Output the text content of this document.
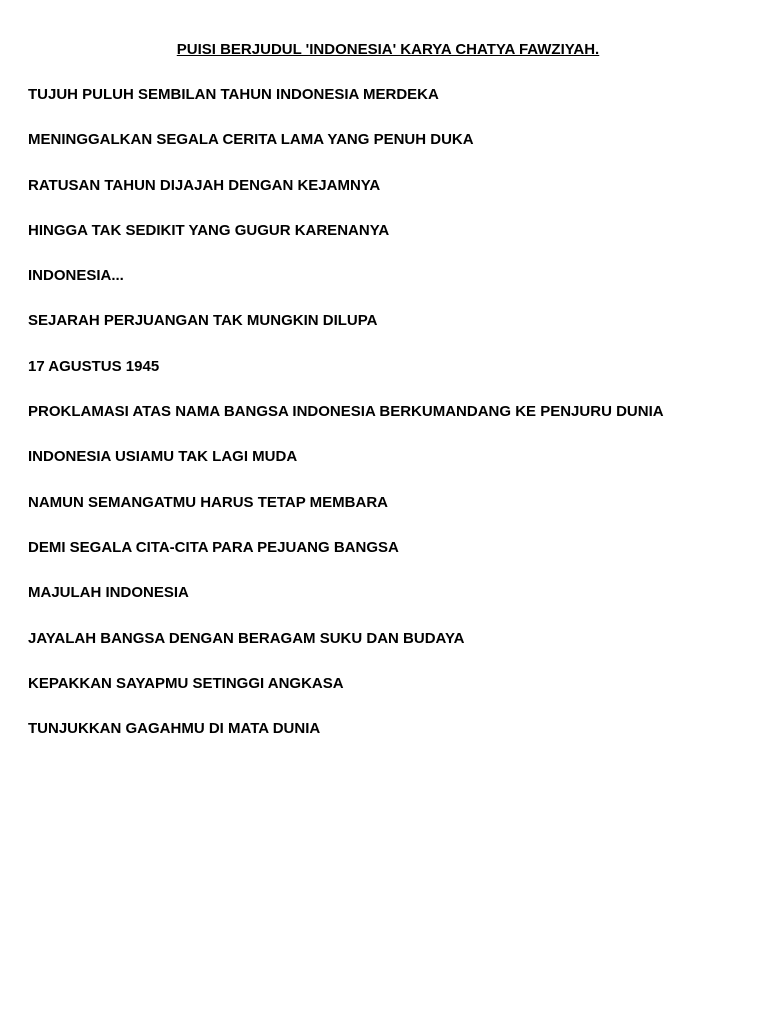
PUISI BERJUDUL 'INDONESIA' KARYA CHATYA FAWZIYAH.
TUJUH PULUH SEMBILAN TAHUN INDONESIA MERDEKA
MENINGGALKAN SEGALA CERITA LAMA YANG PENUH DUKA
RATUSAN TAHUN DIJAJAH DENGAN KEJAMNYA
HINGGA TAK SEDIKIT YANG GUGUR KARENANYA
INDONESIA...
SEJARAH PERJUANGAN TAK MUNGKIN DILUPA
17 AGUSTUS 1945
PROKLAMASI ATAS NAMA BANGSA INDONESIA BERKUMANDANG KE PENJURU DUNIA
INDONESIA USIAMU TAK LAGI MUDA
NAMUN SEMANGATMU HARUS TETAP MEMBARA
DEMI SEGALA CITA-CITA PARA PEJUANG BANGSA
MAJULAH INDONESIA
JAYALAH BANGSA DENGAN BERAGAM SUKU DAN BUDAYA
KEPAKKAN SAYAPMU SETINGGI ANGKASA
TUNJUKKAN GAGAHMU DI MATA DUNIA
